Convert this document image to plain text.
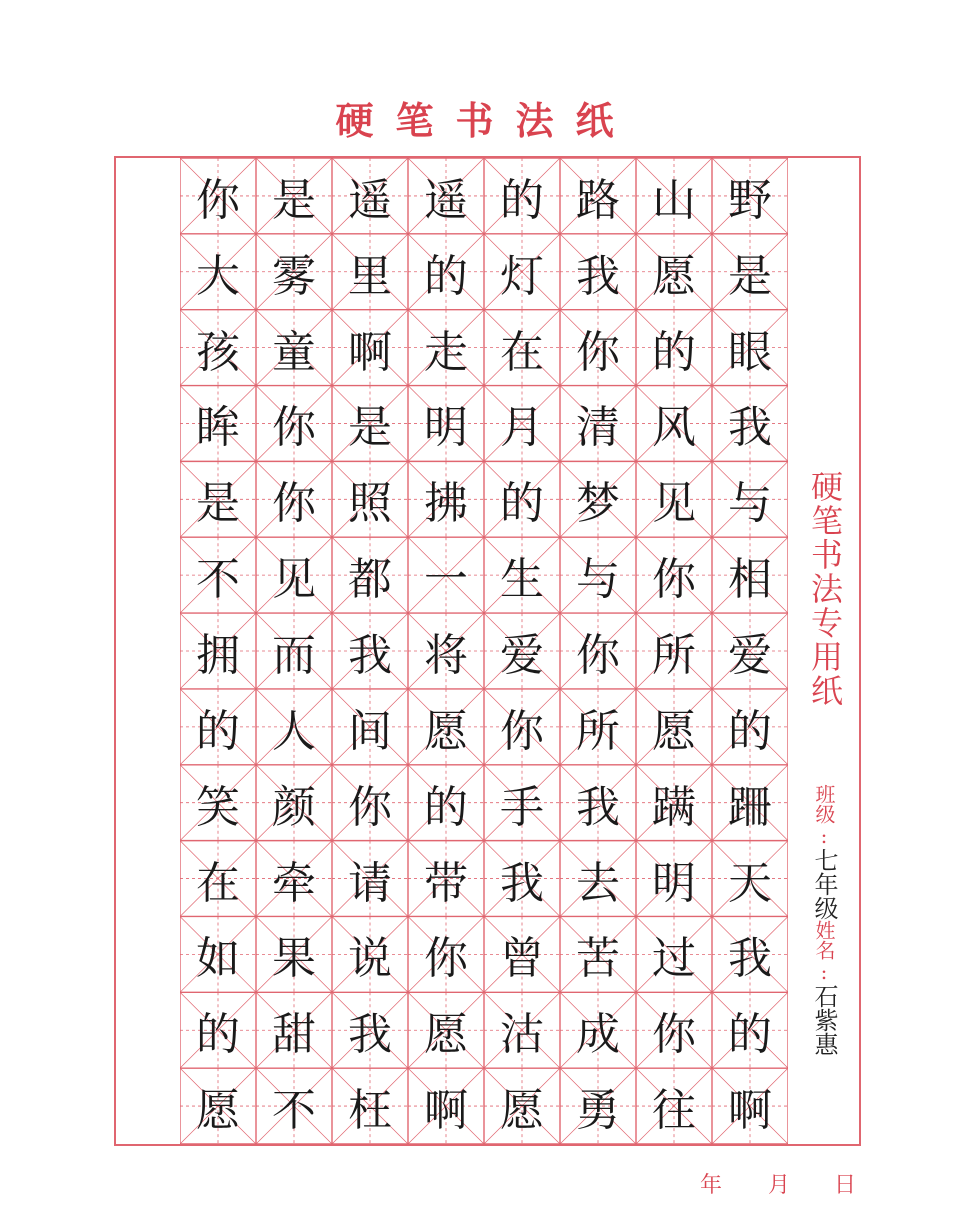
硬笔书法纸
野
是
眼
我
与
相
爱
的
跚
天
我
的
啊
山
愿
的
风
见
你
所
愿
蹒
明
过
你
往
路
我
你
清
梦
与
你
所
我
去
苦
成
勇
的
灯
在
月
的
生
爱
你
手
我
曾
沽
愿
遥
的
走
明
拂
一
将
愿
的
带
你
愿
啊
遥
里
啊
是
照
都
我
间
你
请
说
我
枉
是
雾
童
你
你
见
而
人
颜
牵
果
甜
不
你
大
孩
眸
是
不
拥
的
笑
在
如
的
愿
硬笔书法专用纸
班级:七年级姓名:石紫惠
年 月 日
